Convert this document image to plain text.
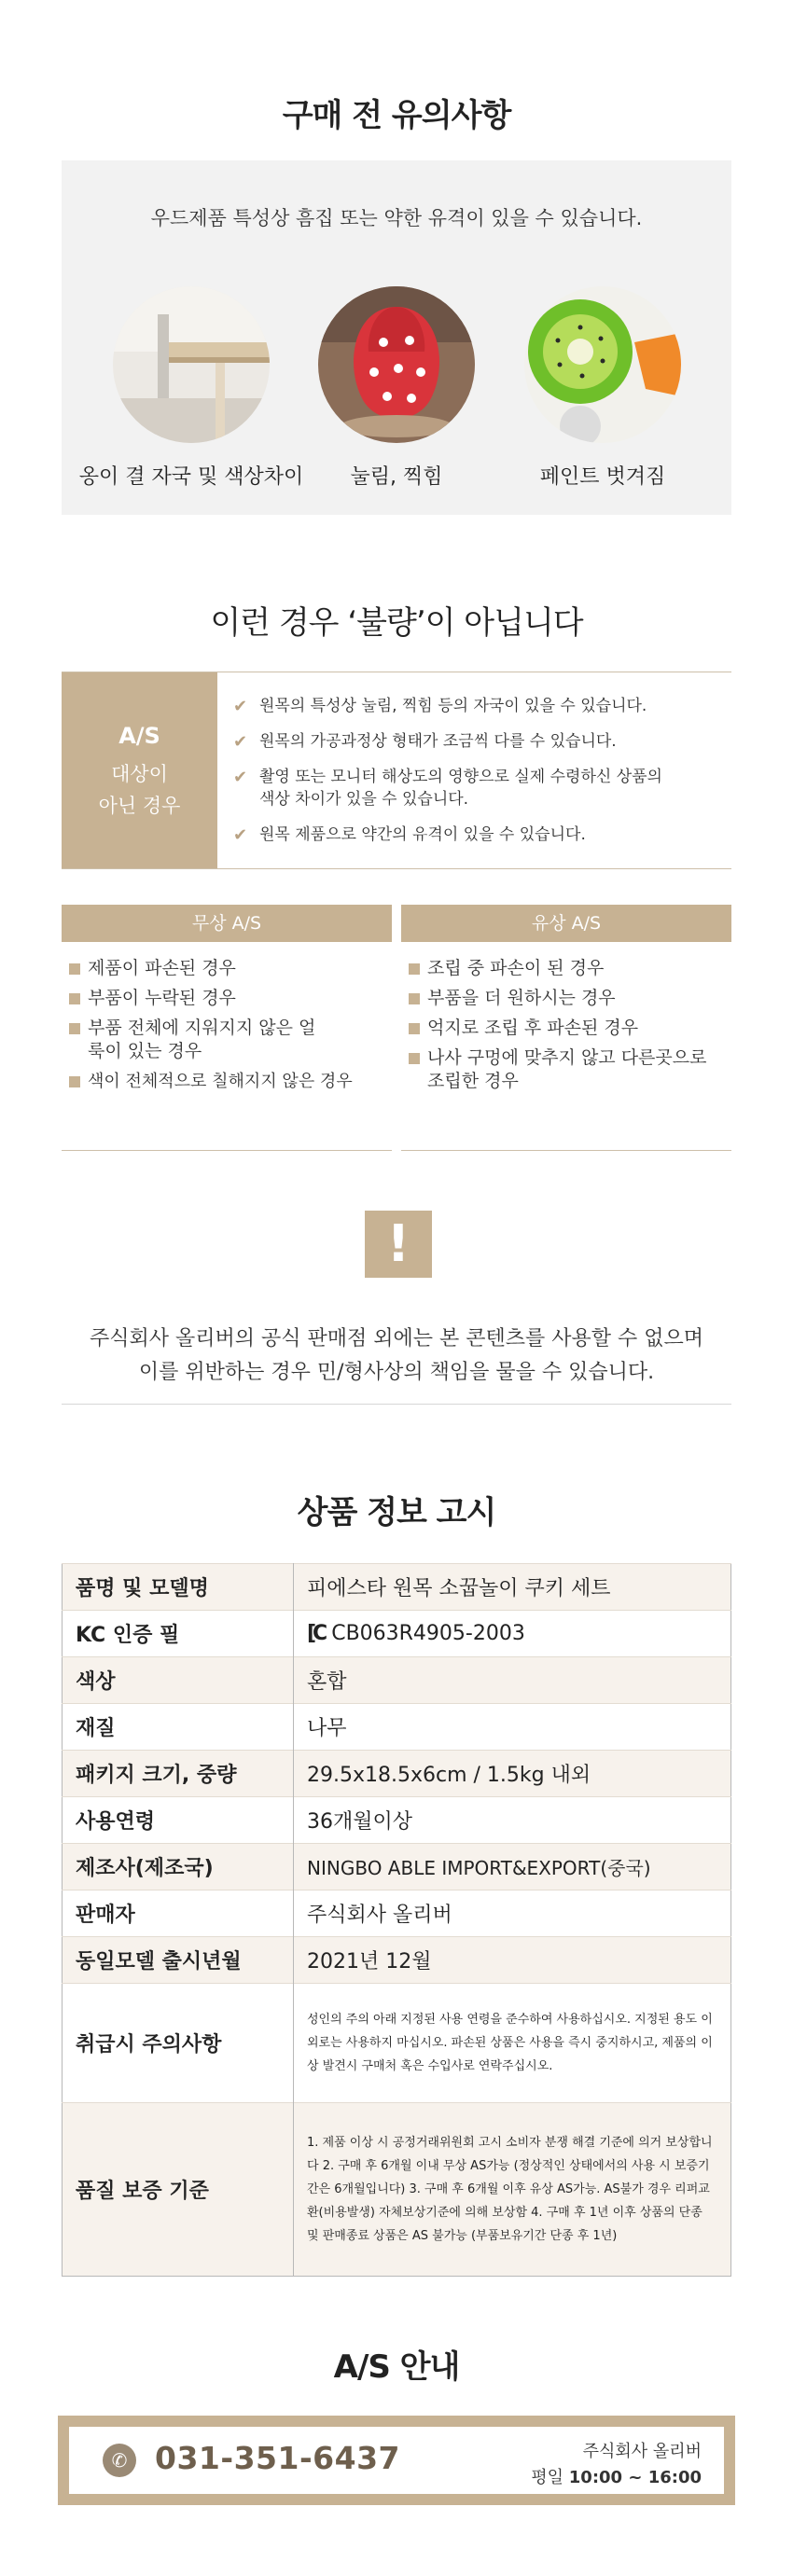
구매 전 유의사항
우드제품 특성상 흠집 또는 약한 유격이 있을 수 있습니다.
옹이 결 자국 및 색상차이	눌림, 찍힘	페인트 벗겨짐
이런 경우 ‘불량’이 아닙니다
A/S
대상이
아닌 경우
✔ 원목의 특성상 눌림, 찍힘 등의 자국이 있을 수 있습니다.
✔ 원목의 가공과정상 형태가 조금씩 다를 수 있습니다.
✔ 촬영 또는 모니터 해상도의 영향으로 실제 수령하신 상품의 색상 차이가 있을 수 있습니다.
✔ 원목 제품으로 약간의 유격이 있을 수 있습니다.
무상 A/S
제품이 파손된 경우
부품이 누락된 경우
부품 전체에 지워지지 않은 얼룩이 있는 경우
색이 전체적으로 칠해지지 않은 경우
유상 A/S
조립 중 파손이 된 경우
부품을 더 원하시는 경우
억지로 조립 후 파손된 경우
나사 구멍에 맞추지 않고 다른곳으로 조립한 경우
!
주식회사 올리버의 공식 판매점 외에는 본 콘텐츠를 사용할 수 없으며
이를 위반하는 경우 민/형사상의 책임을 물을 수 있습니다.
상품 정보 고시
품명 및 모델명	피에스타 원목 소꿉놀이 쿠키 세트
KC 인증 필	[C CB063R4905-2003
색상	혼합
재질	나무
패키지 크기, 중량	29.5x18.5x6cm / 1.5kg 내외
사용연령	36개월이상
제조사(제조국)	NINGBO ABLE IMPORT&EXPORT(중국)
판매자	주식회사 올리버
동일모델 출시년월	2021년 12월
취급시 주의사항	성인의 주의 아래 지정된 사용 연령을 준수하여 사용하십시오. 지정된 용도 이외로는 사용하지 마십시오. 파손된 상품은 사용을 즉시 중지하시고, 제품의 이상 발견시 구매처 혹은 수입사로 연락주십시오.
품질 보증 기준	1. 제품 이상 시 공정거래위원회 고시 소비자 분쟁 해결 기준에 의거 보상합니다 2. 구매 후 6개월 이내 무상 AS가능 (정상적인 상태에서의 사용 시 보증기간은 6개월입니다) 3. 구매 후 6개월 이후 유상 AS가능. AS불가 경우 리퍼교환(비용발생) 자체보상기준에 의해 보상함 4. 구매 후 1년 이후 상품의 단종 및 판매종료 상품은 AS 불가능 (부품보유기간 단종 후 1년)
A/S 안내
✆ 031-351-6437	주식회사 올리버
평일 10:00 ~ 16:00
